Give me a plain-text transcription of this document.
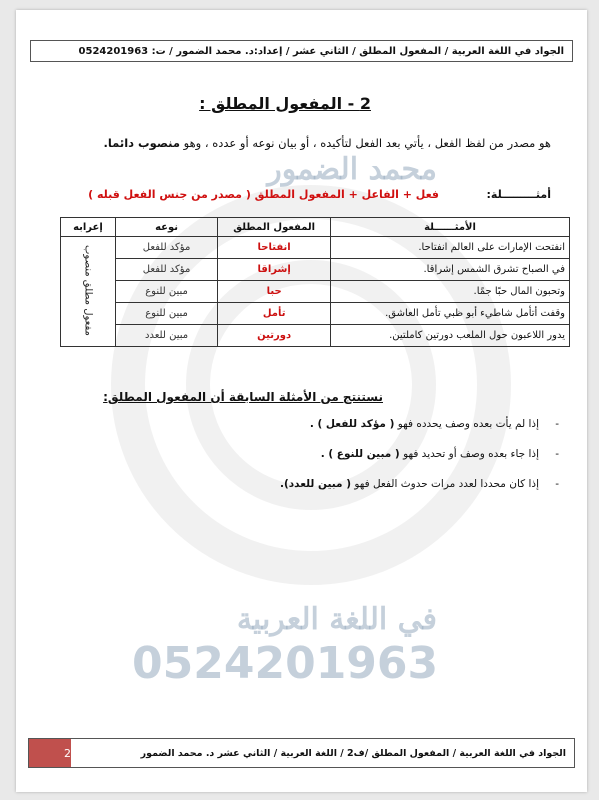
محمد الضمور
في اللغة العربية
0524201963
الجواد في اللغة العربية / المفعول المطلق / الثاني عشر / إعداد:د. محمد الضمور / ت: 0524201963
2 - المفعول المطلق :
هو مصدر من لفظ الفعل ، يأتي بعد الفعل لتأكيده ، أو بيان نوعه أو عدده ، وهو منصوب دائما.
أمثـــــــــلة: فعل + الفاعل + المفعول المطلق ( مصدر من جنس الفعل قبله )
الأمثــــــلة	المفعول المطلق	نوعه	إعرابه
انفتحت الإمارات على العالم انفتاحا.	انفتاحا	مؤكد للفعل	مفعول مطلق منصوب
في الصباح تشرق الشمس إشراقا.	إشراقا	مؤكد للفعل	
وتحبون المال حبًا جمًا.	حبا	مبين للنوع	
وقفت أتأمل شاطيء أبو ظبي تأمل العاشق.	تأمل	مبين للنوع	
يدور اللاعبون حول الملعب دورتين كاملتين.	دورتين	مبين للعدد	
نستنتج من الأمثلة السابقة أن المفعول المطلق:
-
إذا لم يأت بعده وصف يحدده فهو ( مؤكد للفعل ) .
-
إذا جاء بعده وصف أو تحديد فهو ( مبين للنوع ) .
-
إذا كان محددا لعدد مرات حدوث الفعل فهو ( مبين للعدد).
الجواد في اللغة العربية / المفعول المطلق /ف2 / اللغة العربية / الثاني عشر د. محمد الضمور
2
